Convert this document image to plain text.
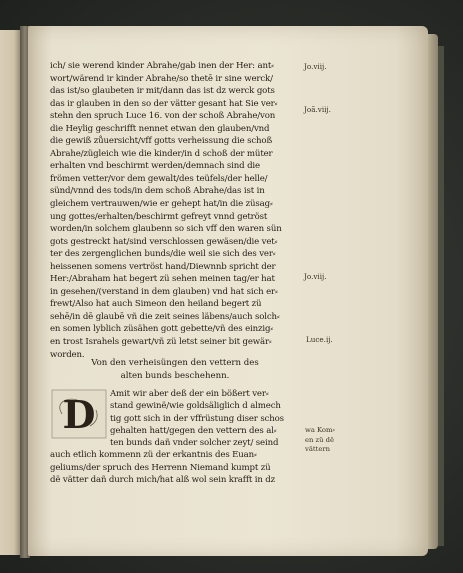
ich/ sie werend kinder Abrahe/gab inen der Her: ant⸗
wort/wärend ir kinder Abrahe/so thetē ir sine werck/
das ist/so glaubeten ir mit/dann das ist dz werck gots
das ir glauben in den so der vätter gesant hat Sie ver⸗
stehn den spruch Luce 16. von der schoß Abrahe/von
die Heylig geschrifft nennet etwan den glauben/vnd
die gewiß zůuersicht/vff gotts verheissung die schoß
Abrahe/zügleich wie die kinder/in d schoß der müter
erhalten vnd beschirmt werden/demnach sind die
frömen vetter/vor dem gewalt/des teüfels/der helle/
sünd/vnnd des tods/in dem schoß Abrahe/das ist in
gleichem vertrauwen/wie er gehept hat/in die züsag⸗
ung gottes/erhalten/beschirmt gefreyt vnnd getröst
worden/in solchem glaubenn so sich vff den waren sün
gots gestreckt hat/sind verschlossen gewäsen/die vet⸗
ter des zergenglichen bunds/die weil sie sich des ver⸗
heissenen somens vertröst hand/Diewnnb spricht der
Her:/Abraham hat begert zü sehen meinen tag/er hat
in gesehen/(verstand in dem glauben) vnd hat sich er⸗
frewt/Also hat auch Simeon den heiland begert zü
sehē/in dē glaubē vñ die zeit seines läbens/auch solch⸗
en somen lyblich züsähen gott gebette/vñ des einzig⸗
en trost Israhels gewart/vñ zü letst seiner bit gewär⸗
worden.
Von den verheisüngen den vettern des
alten bunds beschehenn.
D	Amit wir aber deß der ein bößert ver⸗
stand gewinë/wie goldsäliglich d almech
tig gott sich in der vffrüstung diser schos
gehalten hatt/gegen den vettern des al⸗
ten bunds dañ vnder solcher zeyt/ seind
auch etlich kommenn zü der erkantnis des Euan⸗
geliums/der spruch des Herrenn Niemand kumpt zü
dë vätter dañ durch mich/hat alß wol sein krafft in dz
Jo.viij.
Joã.viij.
Jo.viij.
Luce.ij.
wa Kom⸗
en zü dë
vättern
